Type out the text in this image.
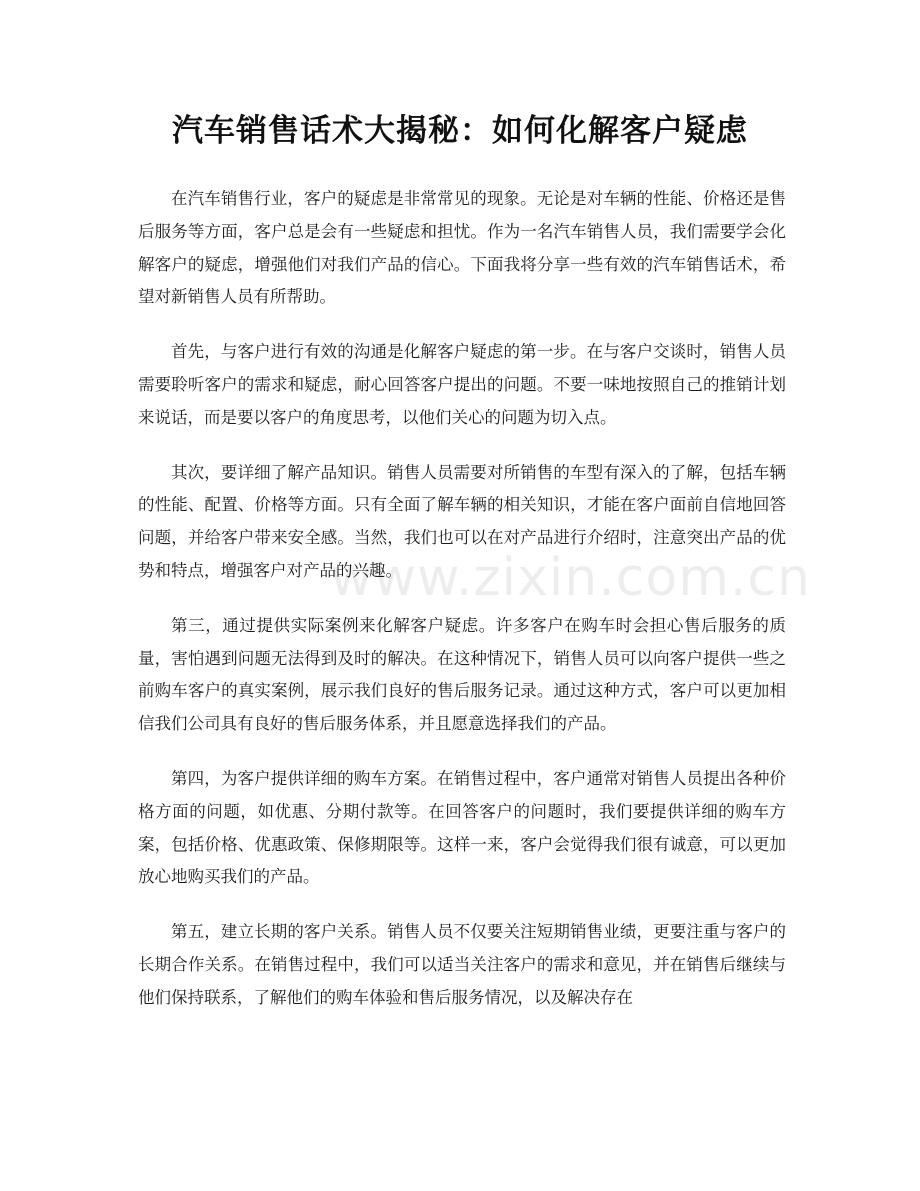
汽车销售话术大揭秘：如何化解客户疑虑

在汽车销售行业，客户的疑虑是非常常见的现象。无论是对车辆的性能、价格还是售后服务等方面，客户总是会有一些疑虑和担忧。作为一名汽车销售人员，我们需要学会化解客户的疑虑，增强他们对我们产品的信心。下面我将分享一些有效的汽车销售话术，希望对新销售人员有所帮助。

首先，与客户进行有效的沟通是化解客户疑虑的第一步。在与客户交谈时，销售人员需要聆听客户的需求和疑虑，耐心回答客户提出的问题。不要一味地按照自己的推销计划来说话，而是要以客户的角度思考，以他们关心的问题为切入点。

其次，要详细了解产品知识。销售人员需要对所销售的车型有深入的了解，包括车辆的性能、配置、价格等方面。只有全面了解车辆的相关知识，才能在客户面前自信地回答问题，并给客户带来安全感。当然，我们也可以在对产品进行介绍时，注意突出产品的优势和特点，增强客户对产品的兴趣。

第三，通过提供实际案例来化解客户疑虑。许多客户在购车时会担心售后服务的质量，害怕遇到问题无法得到及时的解决。在这种情况下，销售人员可以向客户提供一些之前购车客户的真实案例，展示我们良好的售后服务记录。通过这种方式，客户可以更加相信我们公司具有良好的售后服务体系，并且愿意选择我们的产品。

第四，为客户提供详细的购车方案。在销售过程中，客户通常对销售人员提出各种价格方面的问题，如优惠、分期付款等。在回答客户的问题时，我们要提供详细的购车方案，包括价格、优惠政策、保修期限等。这样一来，客户会觉得我们很有诚意，可以更加放心地购买我们的产品。

第五，建立长期的客户关系。销售人员不仅要关注短期销售业绩，更要注重与客户的长期合作关系。在销售过程中，我们可以适当关注客户的需求和意见，并在销售后继续与他们保持联系，了解他们的购车体验和售后服务情况，以及解决存在

www.zixin.com.cn
